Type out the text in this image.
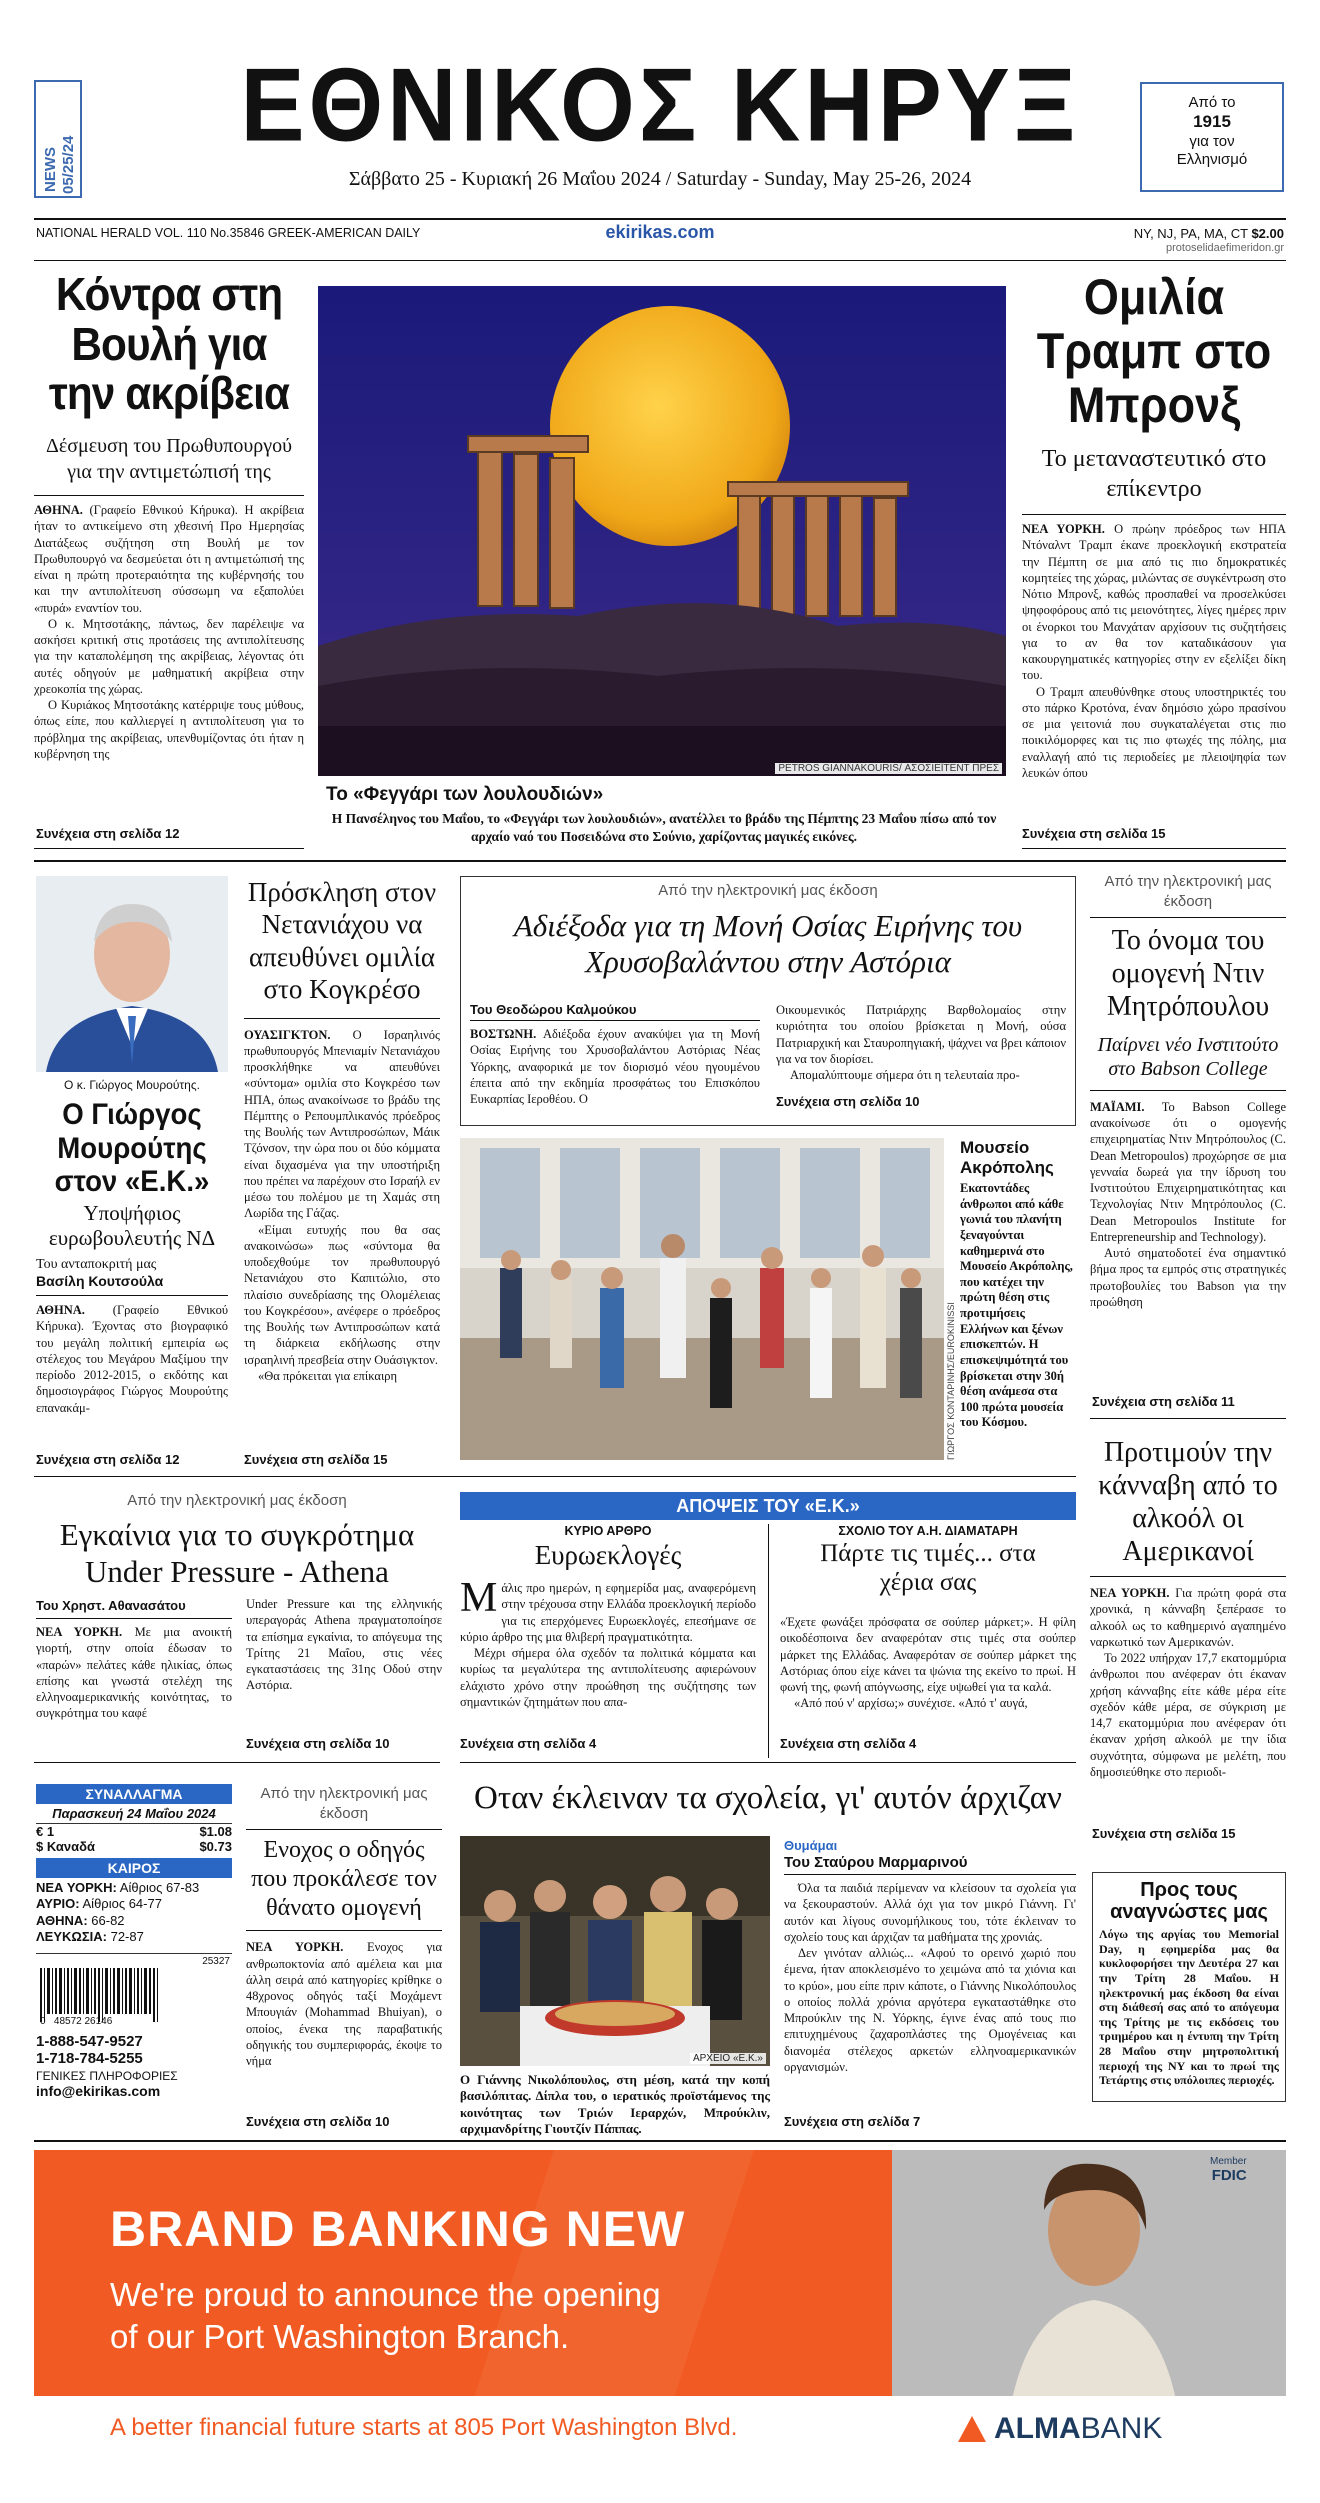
NEWS 05/25/24
ΕΘΝΙΚΟΣ ΚΗΡΥΞ
Σάββατο 25 - Κυριακή 26 Μαΐου 2024 / Saturday - Sunday, May 25-26, 2024
Από το
1915
για τον
Ελληνισμό
NATIONAL HERALD VOL. 110 No.35846 GREEK-AMERICAN DAILY	ekirikas.com	NY, NJ, PA, MA, CT $2.00
protoselidaefimeridon.gr
Κόντρα στη Βουλή για την ακρίβεια
Δέσμευση του Πρωθυπουργού για την αντιμετώπισή της
ΑΘΗΝΑ. (Γραφείο Εθνικού Κήρυκα). Η ακρίβεια ήταν το αντικείμενο στη χθεσινή Προ Ημερησίας Διατάξεως συζήτηση στη Βουλή με τον Πρωθυπουργό να δεσμεύεται ότι η αντιμετώπισή της είναι η πρώτη προτεραιότητα της κυβέρνησής του και την αντιπολίτευση σύσσωμη να εξαπολύει «πυρά» εναντίον του.

Ο κ. Μητσοτάκης, πάντως, δεν παρέλειψε να ασκήσει κριτική στις προτάσεις της αντιπολίτευσης για την καταπολέμηση της ακρίβειας, λέγοντας ότι αυτές οδηγούν με μαθηματική ακρίβεια στην χρεοκοπία της χώρας.

Ο Κυριάκος Μητσοτάκης κατέρριψε τους μύθους, όπως είπε, που καλλιεργεί η αντιπολίτευση για το πρόβλημα της ακρίβειας, υπενθυμίζοντας ότι ήταν η κυβέρνηση της

Συνέχεια στη σελίδα 12
PETROS GIANNAKOURIS/ ΑΣΟΣΙΕΪΤΕΝΤ ΠΡΕΣ
Το «Φεγγάρι των λουλουδιών»
Η Πανσέληνος του Μαΐου, το «Φεγγάρι των λουλουδιών», ανατέλλει το βράδυ της Πέμπτης 23 Μαΐου πίσω από τον αρχαίο ναό του Ποσειδώνα στο Σούνιο, χαρίζοντας μαγικές εικόνες.
Ομιλία Τραμπ στο Μπρονξ
Το μεταναστευτικό στο επίκεντρο
ΝΕΑ ΥΟΡΚΗ. Ο πρώην πρόεδρος των ΗΠΑ Ντόναλντ Τραμπ έκανε προεκλογική εκστρατεία την Πέμπτη σε μια από τις πιο δημοκρατικές κομητείες της χώρας, μιλώντας σε συγκέντρωση στο Νότιο Μπρονξ, καθώς προσπαθεί να προσελκύσει ψηφοφόρους από τις μειονότητες, λίγες ημέρες πριν οι ένορκοι του Μανχάταν αρχίσουν τις συζητήσεις για το αν θα τον καταδικάσουν για κακουργηματικές κατηγορίες στην εν εξελίξει δίκη του.

Ο Τραμπ απευθύνθηκε στους υποστηρικτές του στο πάρκο Κροτόνα, έναν δημόσιο χώρο πρασίνου σε μια γειτονιά που συγκαταλέγεται στις πιο ποικιλόμορφες και τις πιο φτωχές της πόλης, μια εναλλαγή από τις περιοδείες με πλειοψηφία των λευκών όπου

Συνέχεια στη σελίδα 15
Ο κ. Γιώργος Μουρούτης.
Ο Γιώργος Μουρούτης στον «Ε.Κ.»
Υποψήφιος ευρωβουλευτής ΝΔ
Του ανταποκριτή μας
Βασίλη Κουτσούλα
ΑΘΗΝΑ. (Γραφείο Εθνικού Κήρυκα). Έχοντας στο βιογραφικό του μεγάλη πολιτική εμπειρία ως στέλεχος του Μεγάρου Μαξίμου την περίοδο 2012-2015, ο εκδότης και δημοσιογράφος Γιώργος Μουρούτης επανακάμ-
Συνέχεια στη σελίδα 12
Πρόσκληση στον Νετανιάχου να απευθύνει ομιλία στο Κογκρέσο
ΟΥΑΣΙΓΚΤΟΝ. Ο Ισραηλινός πρωθυπουργός Μπενιαμίν Νετανιάχου προσκλήθηκε να απευθύνει «σύντομα» ομιλία στο Κογκρέσο των ΗΠΑ, όπως ανακοίνωσε το βράδυ της Πέμπτης ο Ρεπουμπλικανός πρόεδρος της Βουλής των Αντιπροσώπων, Μάικ Τζόνσον, την ώρα που οι δύο κόμματα είναι διχασμένα για την υποστήριξη που πρέπει να παρέχουν στο Ισραήλ εν μέσω του πολέμου με τη Χαμάς στη Λωρίδα της Γάζας.

«Είμαι ευτυχής που θα σας ανακοινώσω» πως «σύντομα θα υποδεχθούμε τον πρωθυπουργό Νετανιάχου στο Καπιτώλιο, στο πλαίσιο συνεδρίασης της Ολομέλειας του Κογκρέσου», ανέφερε ο πρόεδρος της Βουλής των Αντιπροσώπων κατά τη διάρκεια εκδήλωσης στην ισραηλινή πρεσβεία στην Ουάσιγκτον.

«Θα πρόκειται για επίκαιρη

Συνέχεια στη σελίδα 15
Από την ηλεκτρονική μας έκδοση
Αδιέξοδα για τη Μονή Οσίας Ειρήνης του Χρυσοβαλάντου στην Αστόρια
Του Θεοδώρου Καλμούκου
ΒΟΣΤΩΝΗ. Αδιέξοδα έχουν ανακύψει για τη Μονή Οσίας Ειρήνης του Χρυσοβαλάντου Αστόριας Νέας Υόρκης, αναφορικά με τον διορισμό νέου ηγουμένου έπειτα από την εκδημία προσφάτως του Επισκόπου Ευκαρπίας Ιεροθέου. Ο
Οικουμενικός Πατριάρχης Βαρθολομαίος στην κυριότητα του οποίου βρίσκεται η Μονή, ούσα Πατριαρχική και Σταυροπηγιακή, ψάχνει να βρει κάποιον για να τον διορίσει.

Απομαλύπτουμε σήμερα ότι η τελευταία προ-

Συνέχεια στη σελίδα 10
ΓΙΩΡΓΟΣ ΚΟΝΤΑΡΙΝΗΣ/EUROKINISSI
Μουσείο Ακρόπολης
Εκατοντάδες άνθρωποι από κάθε γωνιά του πλανήτη ξεναγούνται καθημερινά στο Μουσείο Ακρόπολης, που κατέχει την πρώτη θέση στις προτιμήσεις Ελλήνων και ξένων επισκεπτών. Η επισκεψιμότητά του βρίσκεται στην 30ή θέση ανάμεσα στα 100 πρώτα μουσεία του Κόσμου.
Από την ηλεκτρονική μας έκδοση
Το όνομα του ομογενή Ντιν Μητρόπουλου
Παίρνει νέο Ινστιτούτο στο Babson College
ΜΑΪΑΜΙ. Το Babson College ανακοίνωσε ότι ο ομογενής επιχειρηματίας Ντιν Μητρόπουλος (C. Dean Metropoulos) προχώρησε σε μια γενναία δωρεά για την ίδρυση του Ινστιτούτου Επιχειρηματικότητας και Τεχνολογίας Ντιν Μητρόπουλος (C. Dean Metropoulos Institute for Entrepreneurship and Technology).

Αυτό σηματοδοτεί ένα σημαντικό βήμα προς τα εμπρός στις στρατηγικές πρωτοβουλίες του Babson για την προώθηση

Συνέχεια στη σελίδα 11
Προτιμούν την κάνναβη από το αλκοόλ οι Αμερικανοί
ΝΕΑ ΥΟΡΚΗ. Για πρώτη φορά στα χρονικά, η κάνναβη ξεπέρασε το αλκοόλ ως το καθημερινό αγαπημένο ναρκωτικό των Αμερικανών.

Το 2022 υπήρχαν 17,7 εκατομμύρια άνθρωποι που ανέφεραν ότι έκαναν χρήση κάνναβης είτε κάθε μέρα είτε σχεδόν κάθε μέρα, σε σύγκριση με 14,7 εκατομμύρια που ανέφεραν ότι έκαναν χρήση αλκοόλ με την ίδια συχνότητα, σύμφωνα με μελέτη, που δημοσιεύθηκε στο περιοδι-

Συνέχεια στη σελίδα 15
ΑΠΟΨΕΙΣ ΤΟΥ «Ε.Κ.»
ΚΥΡΙΟ ΑΡΘΡΟ
Ευρωεκλογές
Μ άλις προ ημερών, η εφημερίδα μας, αναφερόμενη στην τρέχουσα στην Ελλάδα προεκλογική περίοδο για τις επερχόμενες Ευρωεκλογές, επεσήμανε σε κύριο άρθρο της μια θλιβερή πραγματικότητα.

Μέχρι σήμερα όλα σχεδόν τα πολιτικά κόμματα και κυρίως τα μεγαλύτερα της αντιπολίτευσης αφιερώνουν ελάχιστο χρόνο στην προώθηση της συζήτησης των σημαντικών ζητημάτων που απα-

Συνέχεια στη σελίδα 4
ΣΧΟΛΙΟ ΤΟΥ Α.Η. ΔΙΑΜΑΤΑΡΗ
Πάρτε τις τιμές... στα χέρια σας
«Έχετε φωνάξει πρόσφατα σε σούπερ μάρκετ;». Η φίλη οικοδέσποινα δεν αναφερόταν στις τιμές στα σούπερ μάρκετ της Ελλάδας. Αναφερόταν σε σούπερ μάρκετ της Αστόριας όπου είχε κάνει τα ψώνια της εκείνο το πρωί. Η φωνή της, φωνή απόγνωσης, είχε υψωθεί για τα καλά.

«Από πού ν' αρχίσω;» συνέχισε. «Από τ' αυγά,

Συνέχεια στη σελίδα 4
Από την ηλεκτρονική μας έκδοση
Εγκαίνια για το συγκρότημα Under Pressure - Athena
Του Χρηστ. Αθανασάτου
ΝΕΑ ΥΟΡΚΗ. Με μια ανοικτή γιορτή, στην οποία έδωσαν το «παρών» πελάτες κάθε ηλικίας, όπως επίσης και γνωστά στελέχη της ελληνοαμερικανικής κοινότητας, το συγκρότημα του καφέ
Under Pressure και της ελληνικής υπεραγοράς Athena πραγματοποίησε τα επίσημα εγκαίνια, το απόγευμα της Τρίτης 21 Μαΐου, στις νέες εγκαταστάσεις της 31ης Οδού στην Αστόρια.
Συνέχεια στη σελίδα 10
ΣΥΝΑΛΛΑΓΜΑ
Παρασκευή 24 Μαΐου 2024
€ 1	$1.08
$ Καναδά	$0.73
ΚΑΙΡΟΣ
ΝΕΑ ΥΟΡΚΗ: Αίθριος 67-83
ΑΥΡΙΟ: Αίθριος 64-77
ΑΘΗΝΑ: 66-82
ΛΕΥΚΩΣΙΑ: 72-87
25327
0   48572 26146
1-888-547-9527
1-718-784-5255
ΓΕΝΙΚΕΣ ΠΛΗΡΟΦΟΡΙΕΣ
info@ekirikas.com
Από την ηλεκτρονική μας έκδοση
Ενοχος ο οδηγός που προκάλεσε τον θάνατο ομογενή
ΝΕΑ ΥΟΡΚΗ. Ενοχος για ανθρωποκτονία από αμέλεια και μια άλλη σειρά από κατηγορίες κρίθηκε ο 48χρονος οδηγός ταξί Μοχάμεντ Μπουγιάν (Mohammad Bhuiyan), ο οποίος, ένεκα της παραβατικής οδηγικής του συμπεριφοράς, έκοψε το νήμα
Συνέχεια στη σελίδα 10
Οταν έκλειναν τα σχολεία, γι' αυτόν άρχιζαν
ΑΡΧΕΙΟ «Ε.Κ.»
Ο Γιάννης Νικολόπουλος, στη μέση, κατά την κοπή βασιλόπιτας. Δίπλα του, ο ιερατικός προϊστάμενος της κοινότητας των Τριών Ιεραρχών, Μπρούκλιν, αρχιμανδρίτης Γιουτζίν Πάππας.
Θυμάμαι
Του Σταύρου Μαρμαρινού

Όλα τα παιδιά περίμεναν να κλείσουν τα σχολεία για να ξεκουραστούν. Αλλά όχι για τον μικρό Γιάννη. Γι' αυτόν και λίγους συνομήλικους του, τότε έκλειναν το σχολείο τους και άρχιζαν τα μαθήματα της χρονιάς.

Δεν γινόταν αλλιώς... «Αφού το ορεινό χωριό που έμενα, ήταν αποκλεισμένο το χειμώνα από τα χιόνια και το κρύο», μου είπε πριν κάποτε, ο Γιάννης Νικολόπουλος ο οποίος πολλά χρόνια αργότερα εγκαταστάθηκε στο Μπρούκλιν της Ν. Υόρκης, έγινε ένας από τους πιο επιτυχημένους ζαχαροπλάστες της Ομογένειας και διανομέα στέλεχος αρκετών ελληνοαμερικανικών οργανισμών.

Συνέχεια στη σελίδα 7
Προς τους αναγνώστες μας
Λόγω της αργίας του Memorial Day, η εφημερίδα μας θα κυκλοφορήσει την Δευτέρα 27 και την Τρίτη 28 Μαΐου. Η ηλεκτρονική μας έκδοση θα είναι στη διάθεσή σας από το απόγευμα της Τρίτης με τις εκδόσεις του τριημέρου και η έντυπη την Τρίτη 28 Μαΐου στην μητροπολιτική περιοχή της NY και το πρωί της Τετάρτης στις υπόλοιπες περιοχές.
BRAND BANKING NEW
We're proud to announce the opening
of our Port Washington Branch.
Member
FDIC
A better financial future starts at 805 Port Washington Blvd.	ALMA BANK
